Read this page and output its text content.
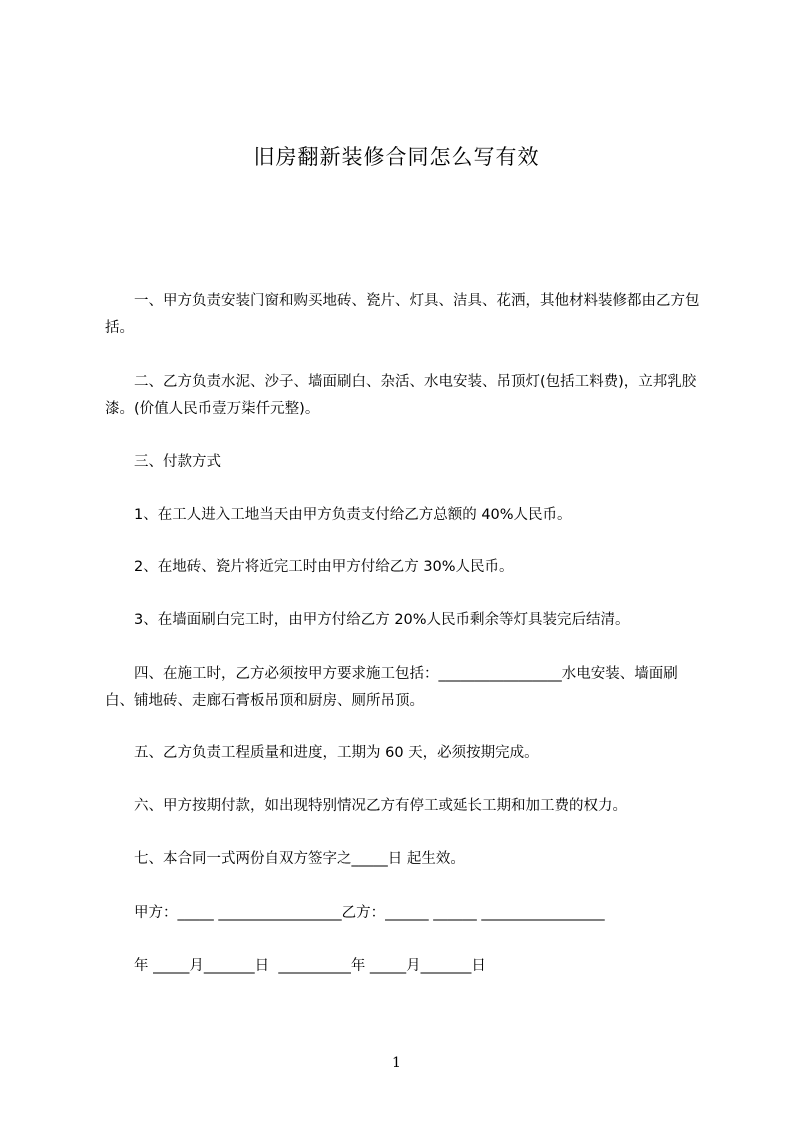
旧房翻新装修合同怎么写有效
　　一、甲方负责安装门窗和购买地砖、瓷片、灯具、洁具、花洒，其他材料装修都由乙方包括。
　　二、乙方负责水泥、沙子、墙面刷白、杂活、水电安装、吊顶灯(包括工料费)，立邦乳胶漆。(价值人民币壹万柒仟元整)。
　　三、付款方式
　　1、在工人进入工地当天由甲方负责支付给乙方总额的 40%人民币。
　　2、在地砖、瓷片将近完工时由甲方付给乙方 30%人民币。
　　3、在墙面刷白完工时，由甲方付给乙方 20%人民币剩余等灯具装完后结清。
　　四、在施工时，乙方必须按甲方要求施工包括：_________________水电安装、墙面刷白、铺地砖、走廊石膏板吊顶和厨房、厕所吊顶。
　　五、乙方负责工程质量和进度，工期为 60 天，必须按期完成。
　　六、甲方按期付款，如出现特别情况乙方有停工或延长工期和加工费的权力。
　　七、本合同一式两份自双方签字之_____日 起生效。
　　甲方：_____ _________________乙方：______ ______ _________________
　　年 _____月_______日  __________年 _____月_______日
1
